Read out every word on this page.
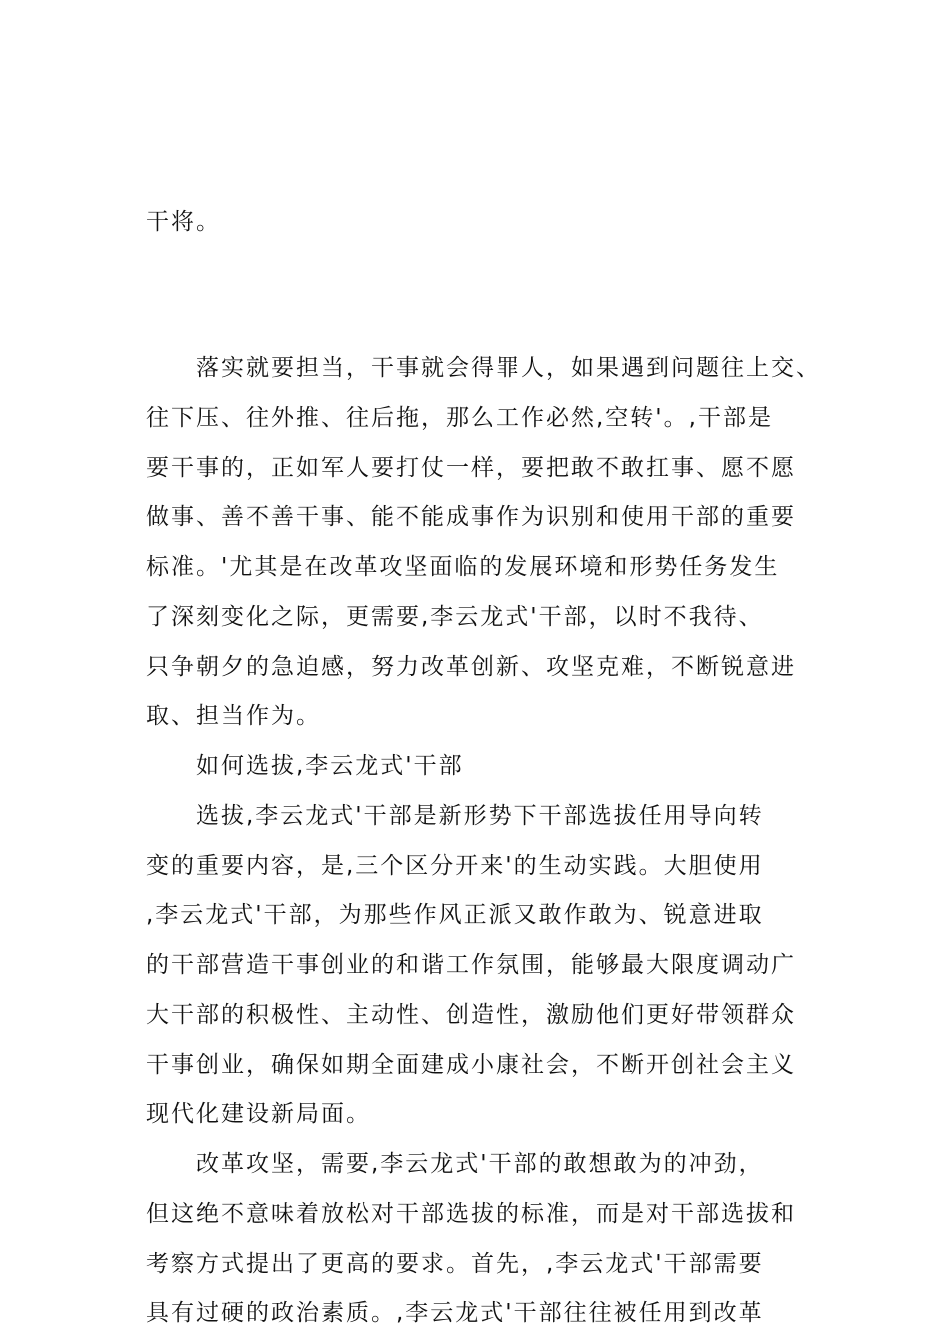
干将。
落实就要担当，干事就会得罪人，如果遇到问题往上交、
往下压、往外推、往后拖，那么工作必然,空转'。,干部是
要干事的，正如军人要打仗一样，要把敢不敢扛事、愿不愿
做事、善不善干事、能不能成事作为识别和使用干部的重要
标准。'尤其是在改革攻坚面临的发展环境和形势任务发生
了深刻变化之际，更需要,李云龙式'干部，以时不我待、
只争朝夕的急迫感，努力改革创新、攻坚克难，不断锐意进
取、担当作为。
如何选拔,李云龙式'干部
选拔,李云龙式'干部是新形势下干部选拔任用导向转
变的重要内容，是,三个区分开来'的生动实践。大胆使用
,李云龙式'干部，为那些作风正派又敢作敢为、锐意进取
的干部营造干事创业的和谐工作氛围，能够最大限度调动广
大干部的积极性、主动性、创造性，激励他们更好带领群众
干事创业，确保如期全面建成小康社会，不断开创社会主义
现代化建设新局面。
改革攻坚，需要,李云龙式'干部的敢想敢为的冲劲，
但这绝不意味着放松对干部选拔的标准，而是对干部选拔和
考察方式提出了更高的要求。首先，,李云龙式'干部需要
具有过硬的政治素质。,李云龙式'干部往往被任用到改革
